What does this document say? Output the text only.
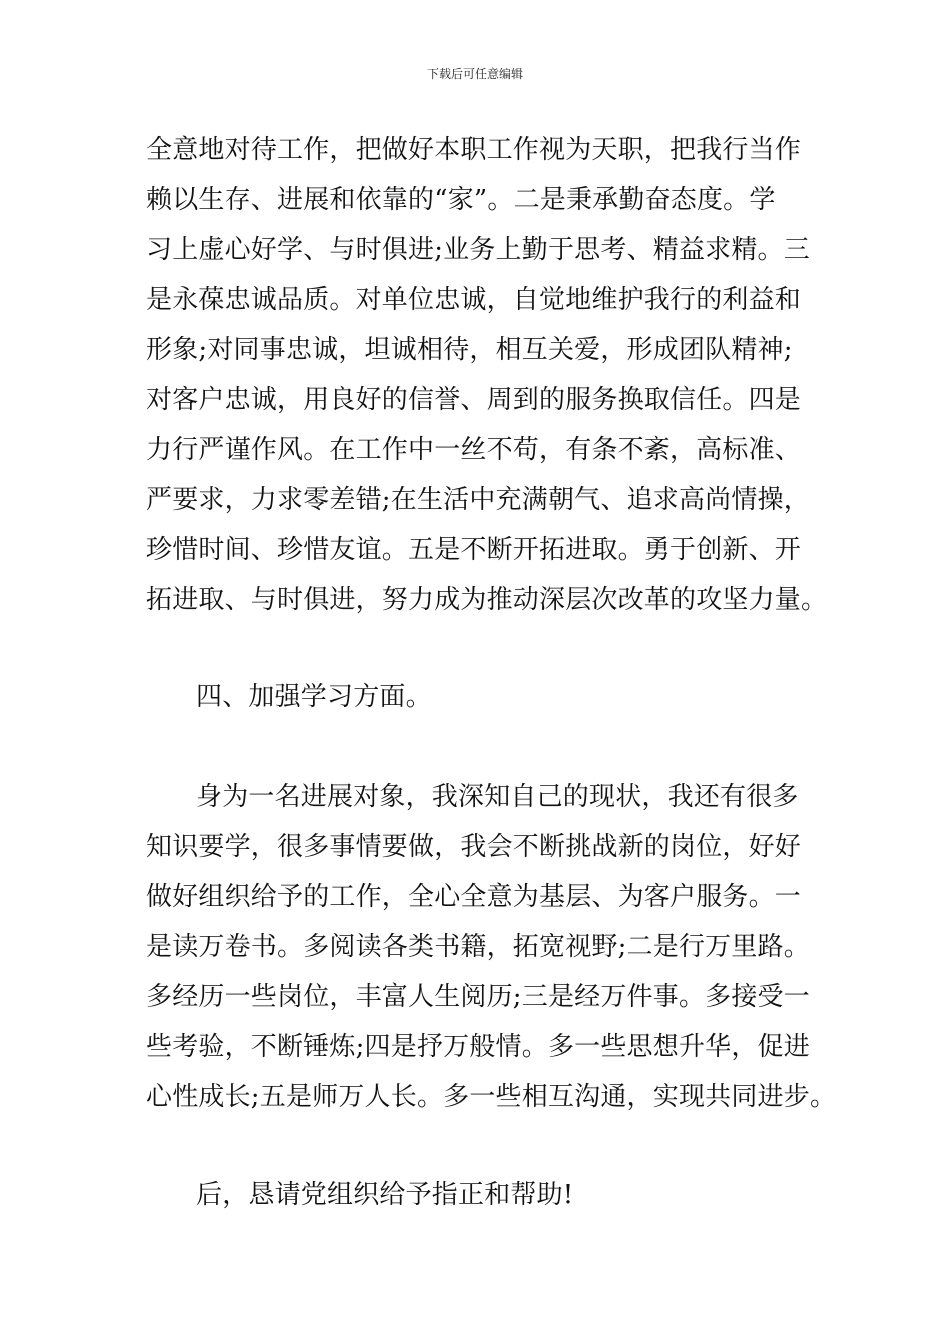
下载后可任意编辑
全意地对待工作，把做好本职工作视为天职，把我行当作
赖以生存、进展和依靠的“家”。二是秉承勤奋态度。学
习上虚心好学、与时俱进;业务上勤于思考、精益求精。三
是永葆忠诚品质。对单位忠诚，自觉地维护我行的利益和
形象;对同事忠诚，坦诚相待，相互关爱，形成团队精神;
对客户忠诚，用良好的信誉、周到的服务换取信任。四是
力行严谨作风。在工作中一丝不苟，有条不紊，高标准、
严要求，力求零差错;在生活中充满朝气、追求高尚情操，
珍惜时间、珍惜友谊。五是不断开拓进取。勇于创新、开
拓进取、与时俱进，努力成为推动深层次改革的攻坚力量。
四、加强学习方面。
身为一名进展对象，我深知自己的现状，我还有很多
知识要学，很多事情要做，我会不断挑战新的岗位，好好
做好组织给予的工作，全心全意为基层、为客户服务。一
是读万卷书。多阅读各类书籍，拓宽视野;二是行万里路。
多经历一些岗位，丰富人生阅历;三是经万件事。多接受一
些考验，不断锤炼;四是抒万般情。多一些思想升华，促进
心性成长;五是师万人长。多一些相互沟通，实现共同进步。
后，恳请党组织给予指正和帮助!
